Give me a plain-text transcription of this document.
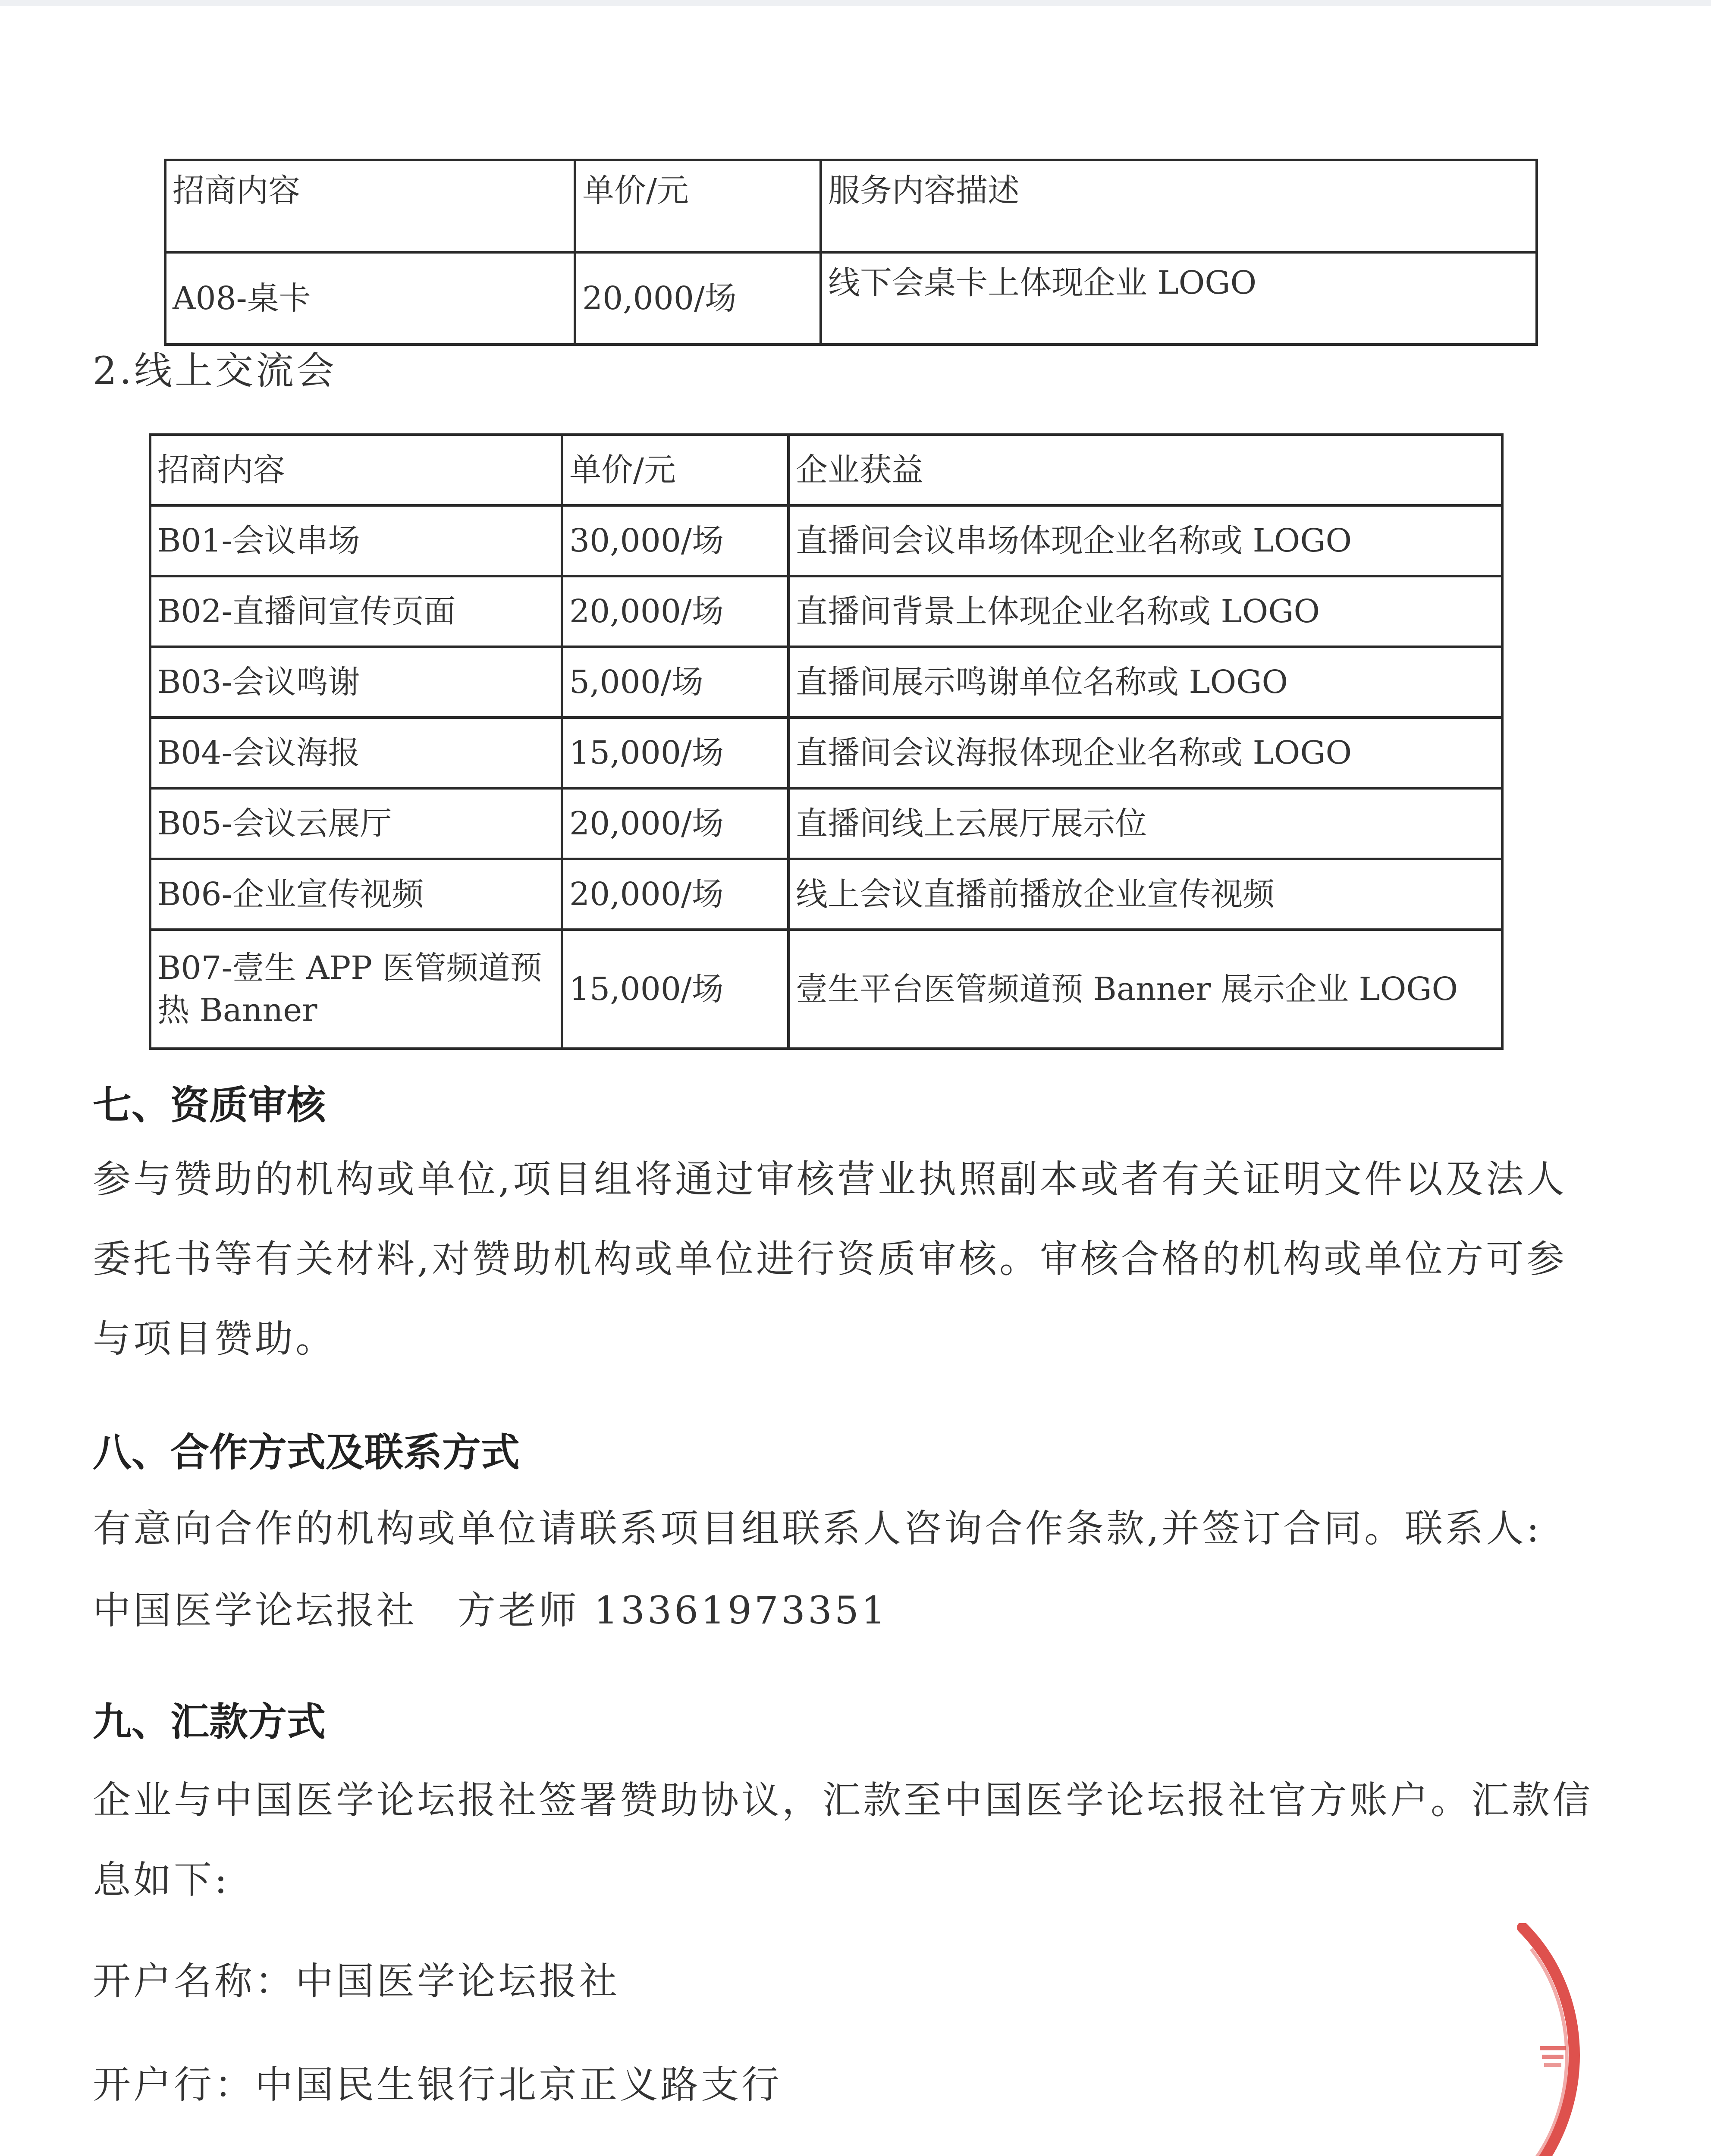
招商内容	单价/元	服务内容描述
A08-桌卡	20,000/场	线下会桌卡上体现企业 LOGO
2.线上交流会
招商内容	单价/元	企业获益
B01-会议串场	30,000/场	直播间会议串场体现企业名称或 LOGO
B02-直播间宣传页面	20,000/场	直播间背景上体现企业名称或 LOGO
B03-会议鸣谢	5,000/场	直播间展示鸣谢单位名称或 LOGO
B04-会议海报	15,000/场	直播间会议海报体现企业名称或 LOGO
B05-会议云展厅	20,000/场	直播间线上云展厅展示位
B06-企业宣传视频	20,000/场	线上会议直播前播放企业宣传视频
B07-壹生 APP 医管频道预热 Banner	15,000/场	壹生平台医管频道预 Banner 展示企业 LOGO
七、资质审核
参与赞助的机构或单位,项目组将通过审核营业执照副本或者有关证明文件以及法人
委托书等有关材料,对赞助机构或单位进行资质审核。审核合格的机构或单位方可参
与项目赞助。
八、合作方式及联系方式
有意向合作的机构或单位请联系项目组联系人咨询合作条款,并签订合同。联系人:
中国医学论坛报社　方老师 13361973351
九、汇款方式
企业与中国医学论坛报社签署赞助协议，汇款至中国医学论坛报社官方账户。汇款信
息如下:
开户名称：中国医学论坛报社
开户行：中国民生银行北京正义路支行
